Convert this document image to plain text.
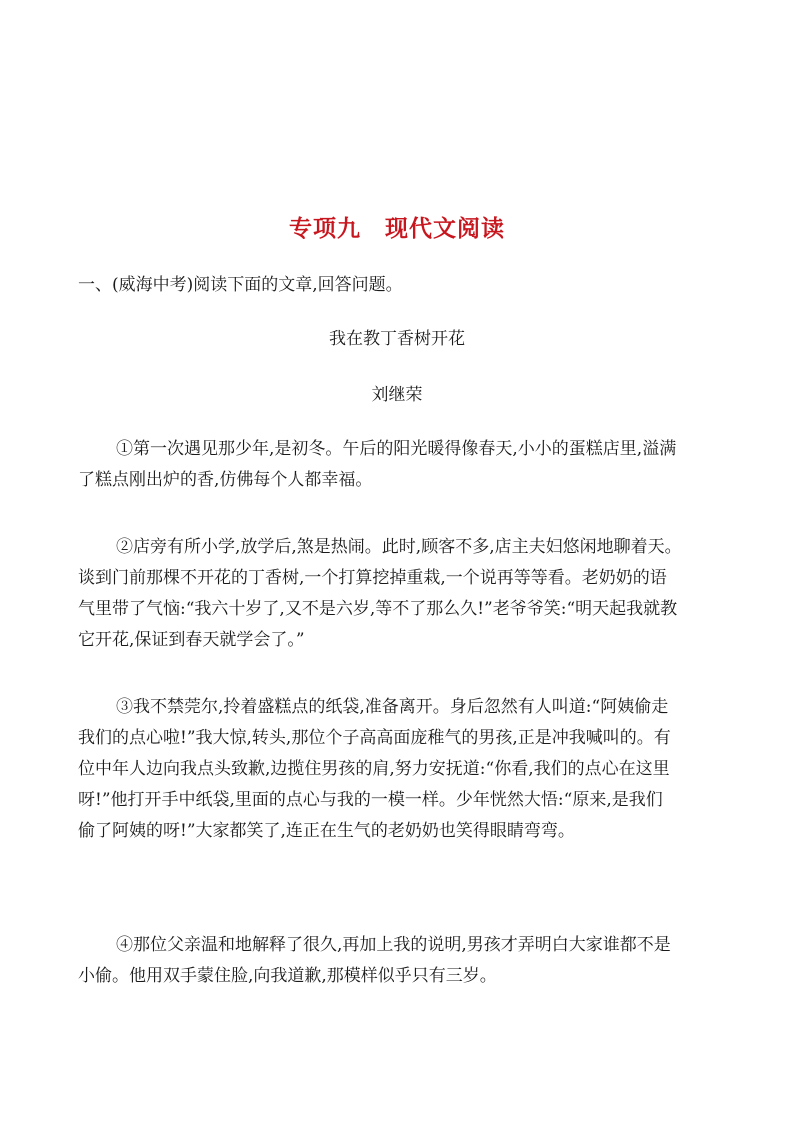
专项九　现代文阅读
一、(威海中考)阅读下面的文章,回答问题。
我在教丁香树开花
刘继荣
①第一次遇见那少年,是初冬。午后的阳光暖得像春天,小小的蛋糕店里,溢满
了糕点刚出炉的香,仿佛每个人都幸福。
②店旁有所小学,放学后,煞是热闹。此时,顾客不多,店主夫妇悠闲地聊着天。
谈到门前那棵不开花的丁香树,一个打算挖掉重栽,一个说再等等看。老奶奶的语
气里带了气恼:“我六十岁了,又不是六岁,等不了那么久!”老爷爷笑:“明天起我就教
它开花,保证到春天就学会了。”
③我不禁莞尔,拎着盛糕点的纸袋,准备离开。身后忽然有人叫道:“阿姨偷走
我们的点心啦!”我大惊,转头,那位个子高高面庞稚气的男孩,正是冲我喊叫的。有
位中年人边向我点头致歉,边揽住男孩的肩,努力安抚道:“你看,我们的点心在这里
呀!”他打开手中纸袋,里面的点心与我的一模一样。少年恍然大悟:“原来,是我们
偷了阿姨的呀!”大家都笑了,连正在生气的老奶奶也笑得眼睛弯弯。
④那位父亲温和地解释了很久,再加上我的说明,男孩才弄明白大家谁都不是
小偷。他用双手蒙住脸,向我道歉,那模样似乎只有三岁。
